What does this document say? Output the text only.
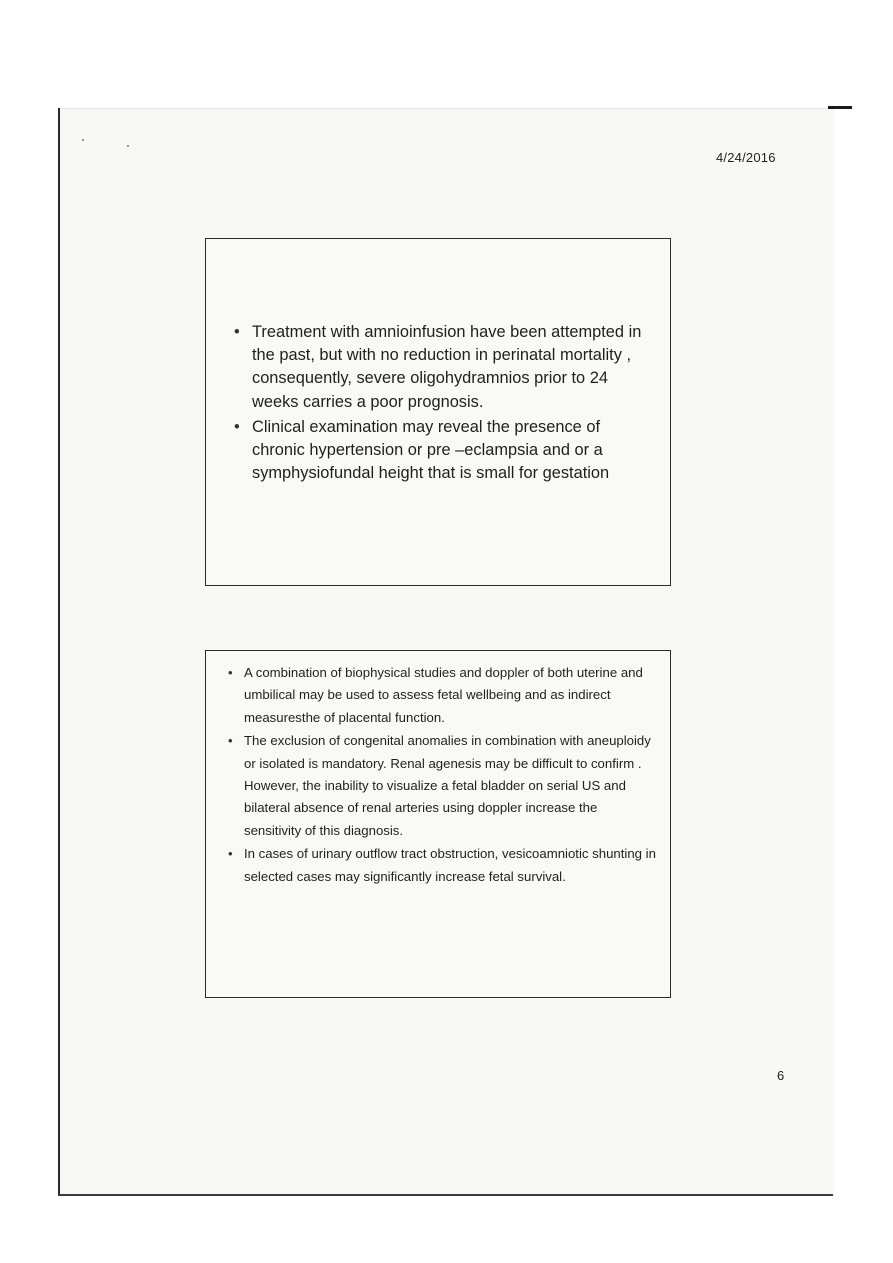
4/24/2016
• Treatment with amnioinfusion have been attempted in the past, but with no reduction in perinatal mortality , consequently, severe oligohydramnios prior to 24 weeks carries a poor prognosis.
• Clinical examination may reveal the presence of chronic hypertension or pre –eclampsia and or a symphysiofundal height that is small for gestation
• A combination of biophysical studies and doppler of both uterine and umbilical may be used to assess fetal wellbeing and as indirect measuresthe of placental function.
• The exclusion of congenital anomalies in combination with aneuploidy or isolated is mandatory. Renal agenesis may be difficult to confirm . However, the inability to visualize a fetal bladder on serial US and bilateral absence of renal arteries using doppler increase the sensitivity of this diagnosis.
• In cases of urinary outflow tract obstruction, vesicoamniotic shunting in selected cases may significantly increase fetal survival.
6
